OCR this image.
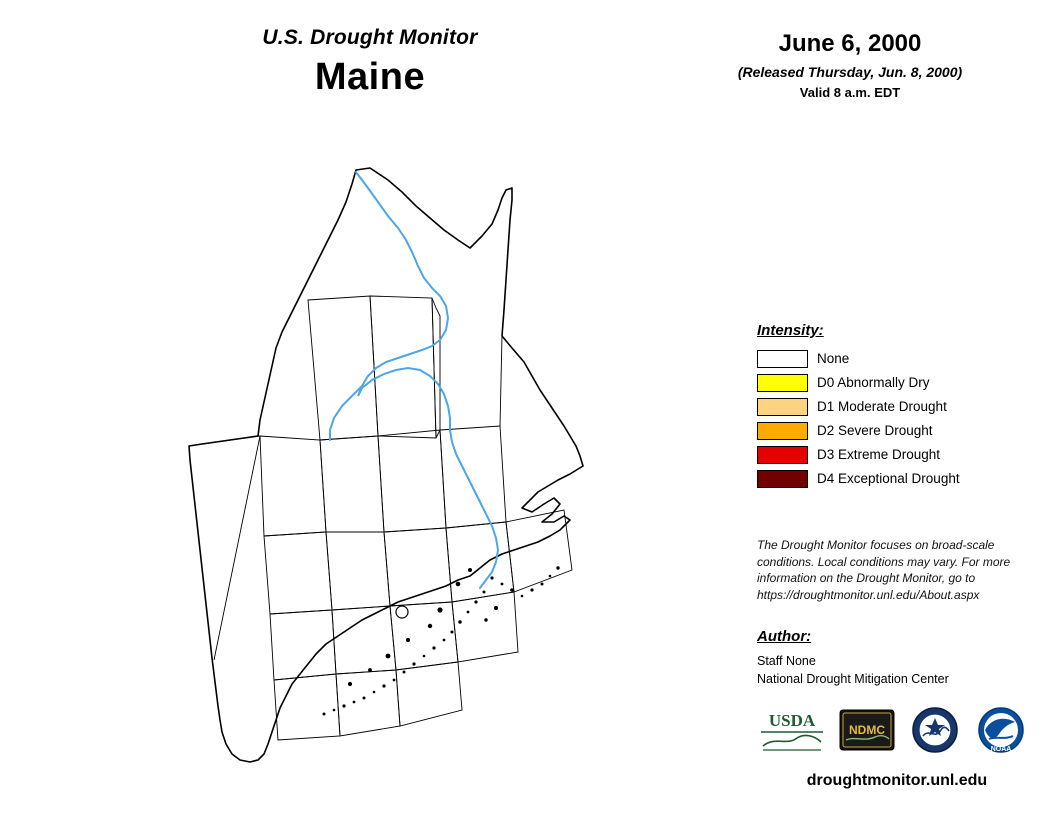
U.S. Drought Monitor
Maine
June 6, 2000
(Released Thursday, Jun. 8, 2000)
Valid 8 a.m. EDT
Intensity:
None
D0 Abnormally Dry
D1 Moderate Drought
D2 Severe Drought
D3 Extreme Drought
D4 Exceptional Drought
The Drought Monitor focuses on broad-scale conditions. Local conditions may vary. For more information on the Drought Monitor, go to https://droughtmonitor.unl.edu/About.aspx
Author:
Staff None
National Drought Mitigation Center
USDA	NDMC
NOAA
droughtmonitor.unl.edu
